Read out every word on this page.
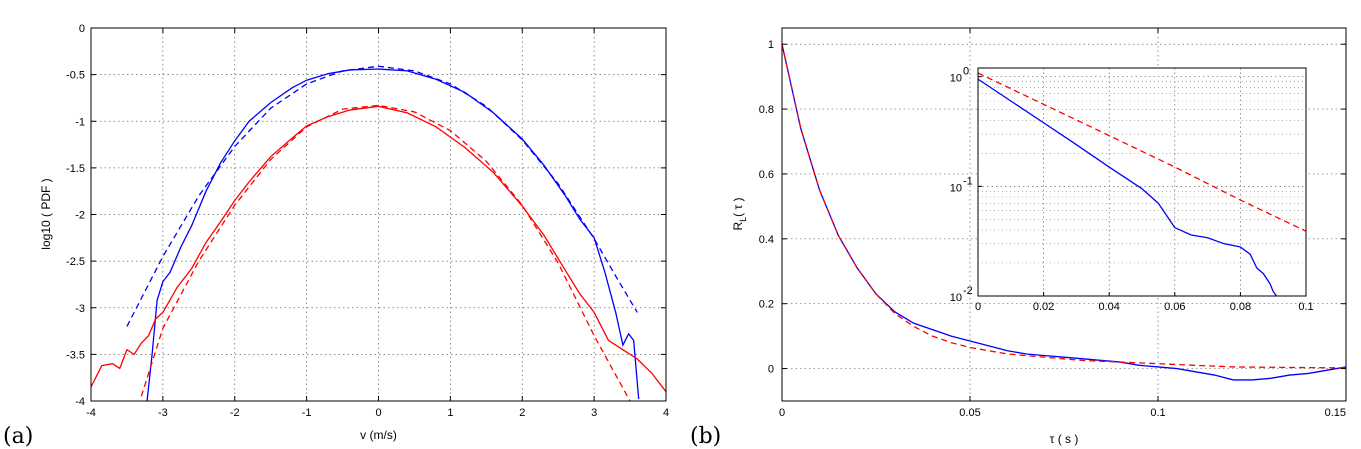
-4	-3	-2	-1	0	1	2	3	4
0
-0.5
-1
-1.5
-2
-2.5
-3
-3.5
-4
v (m/s)
log10 ( PDF )
(a)
0	0.05	0.1	0.15
0
0.2
0.4
0.6
0.8
1
τ ( s )
$R_L$( τ )
(b)
0	0.02	0.04	0.06	0.08	0.1
10
0
10
-1
10
-2
